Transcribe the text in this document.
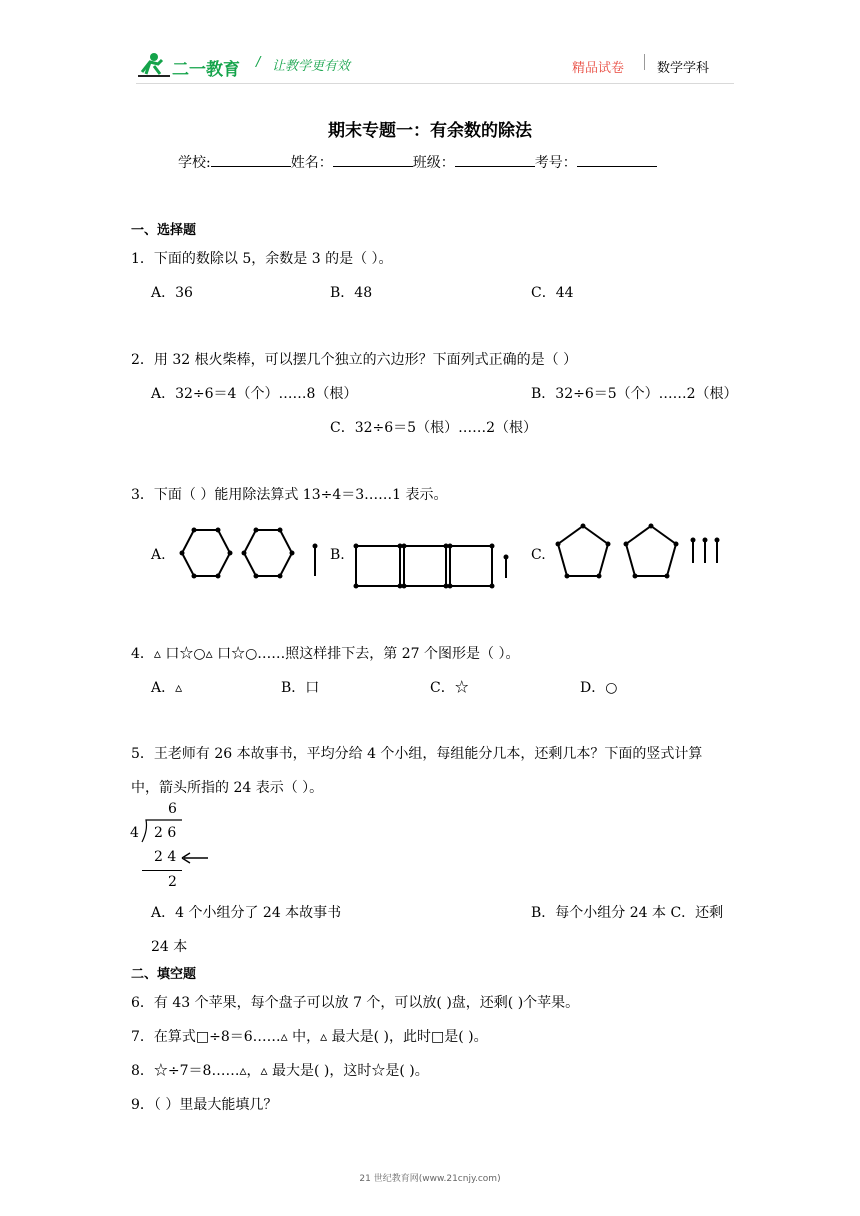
二一教育 / 让教学更有效	精品试卷	数学学科
期末专题一：有余数的除法
学校:	姓名：	班级：	考号：
一、选择题
1．下面的数除以 5，余数是 3 的是（ ）。
A．36	B．48	C．44
2．用 32 根火柴棒，可以摆几个独立的六边形？下面列式正确的是（ ）
A．32÷6＝4（个）……8（根）	B．32÷6＝5（个）……2（根）
C．32÷6＝5（根）……2（根）
3．下面（ ）能用除法算式 13÷4＝3……1 表示。
A.	B.	C.
4．▵ 口☆○▵ 口☆○……照这样排下去，第 27 个图形是（ ）。
A．▵	B．口	C．☆	D．○
5．王老师有 26 本故事书，平均分给 4 个小组，每组能分几本，还剩几本？下面的竖式计算
中，箭头所指的 24 表示（ ）。
6
4 2 6
2 4
2
A．4 个小组分了 24 本故事书	B．每个小组分 24 本 C．还剩
24 本
二、填空题
6．有 43 个苹果，每个盘子可以放 7 个，可以放( )盘，还剩( )个苹果。
7．在算式□÷8＝6……▵ 中，▵ 最大是( )，此时□是( )。
8．☆÷7＝8……▵，▵ 最大是( )，这时☆是( )。
9．（ ）里最大能填几？
21 世纪教育网(www.21cnjy.com)
